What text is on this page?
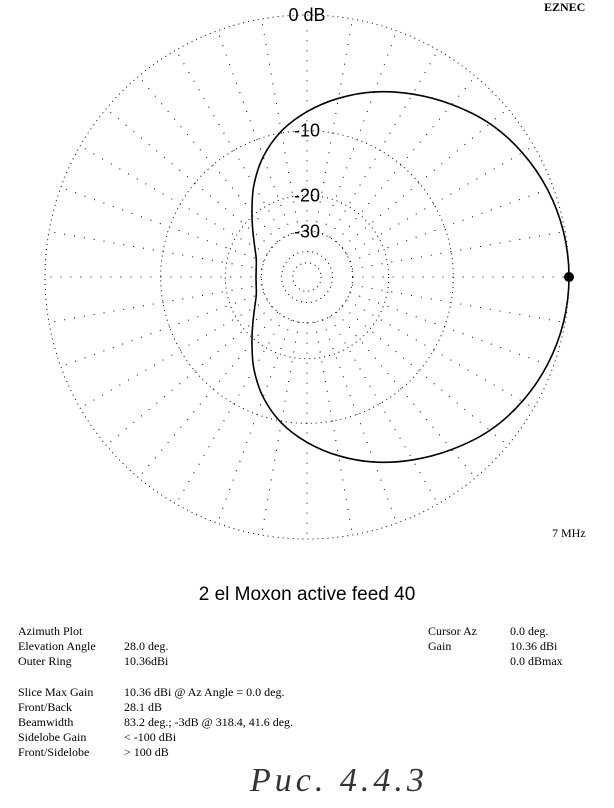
0 dB
-10
-20
-30
EZNEC
7 MHz
2 el Moxon active feed 40
Azimuth Plot
Elevation Angle
Outer Ring
28.0 deg.
10.36dBi
Cursor Az
Gain
0.0 deg.
10.36 dBi
0.0 dBmax
Slice Max Gain
Front/Back
Beamwidth
Sidelobe Gain
Front/Sidelobe
10.36 dBi @ Az Angle = 0.0 deg.
28.1 dB
83.2 deg.; -3dB @ 318.4, 41.6 deg.
< -100 dBi
> 100 dB
Рис. 4.4.3
